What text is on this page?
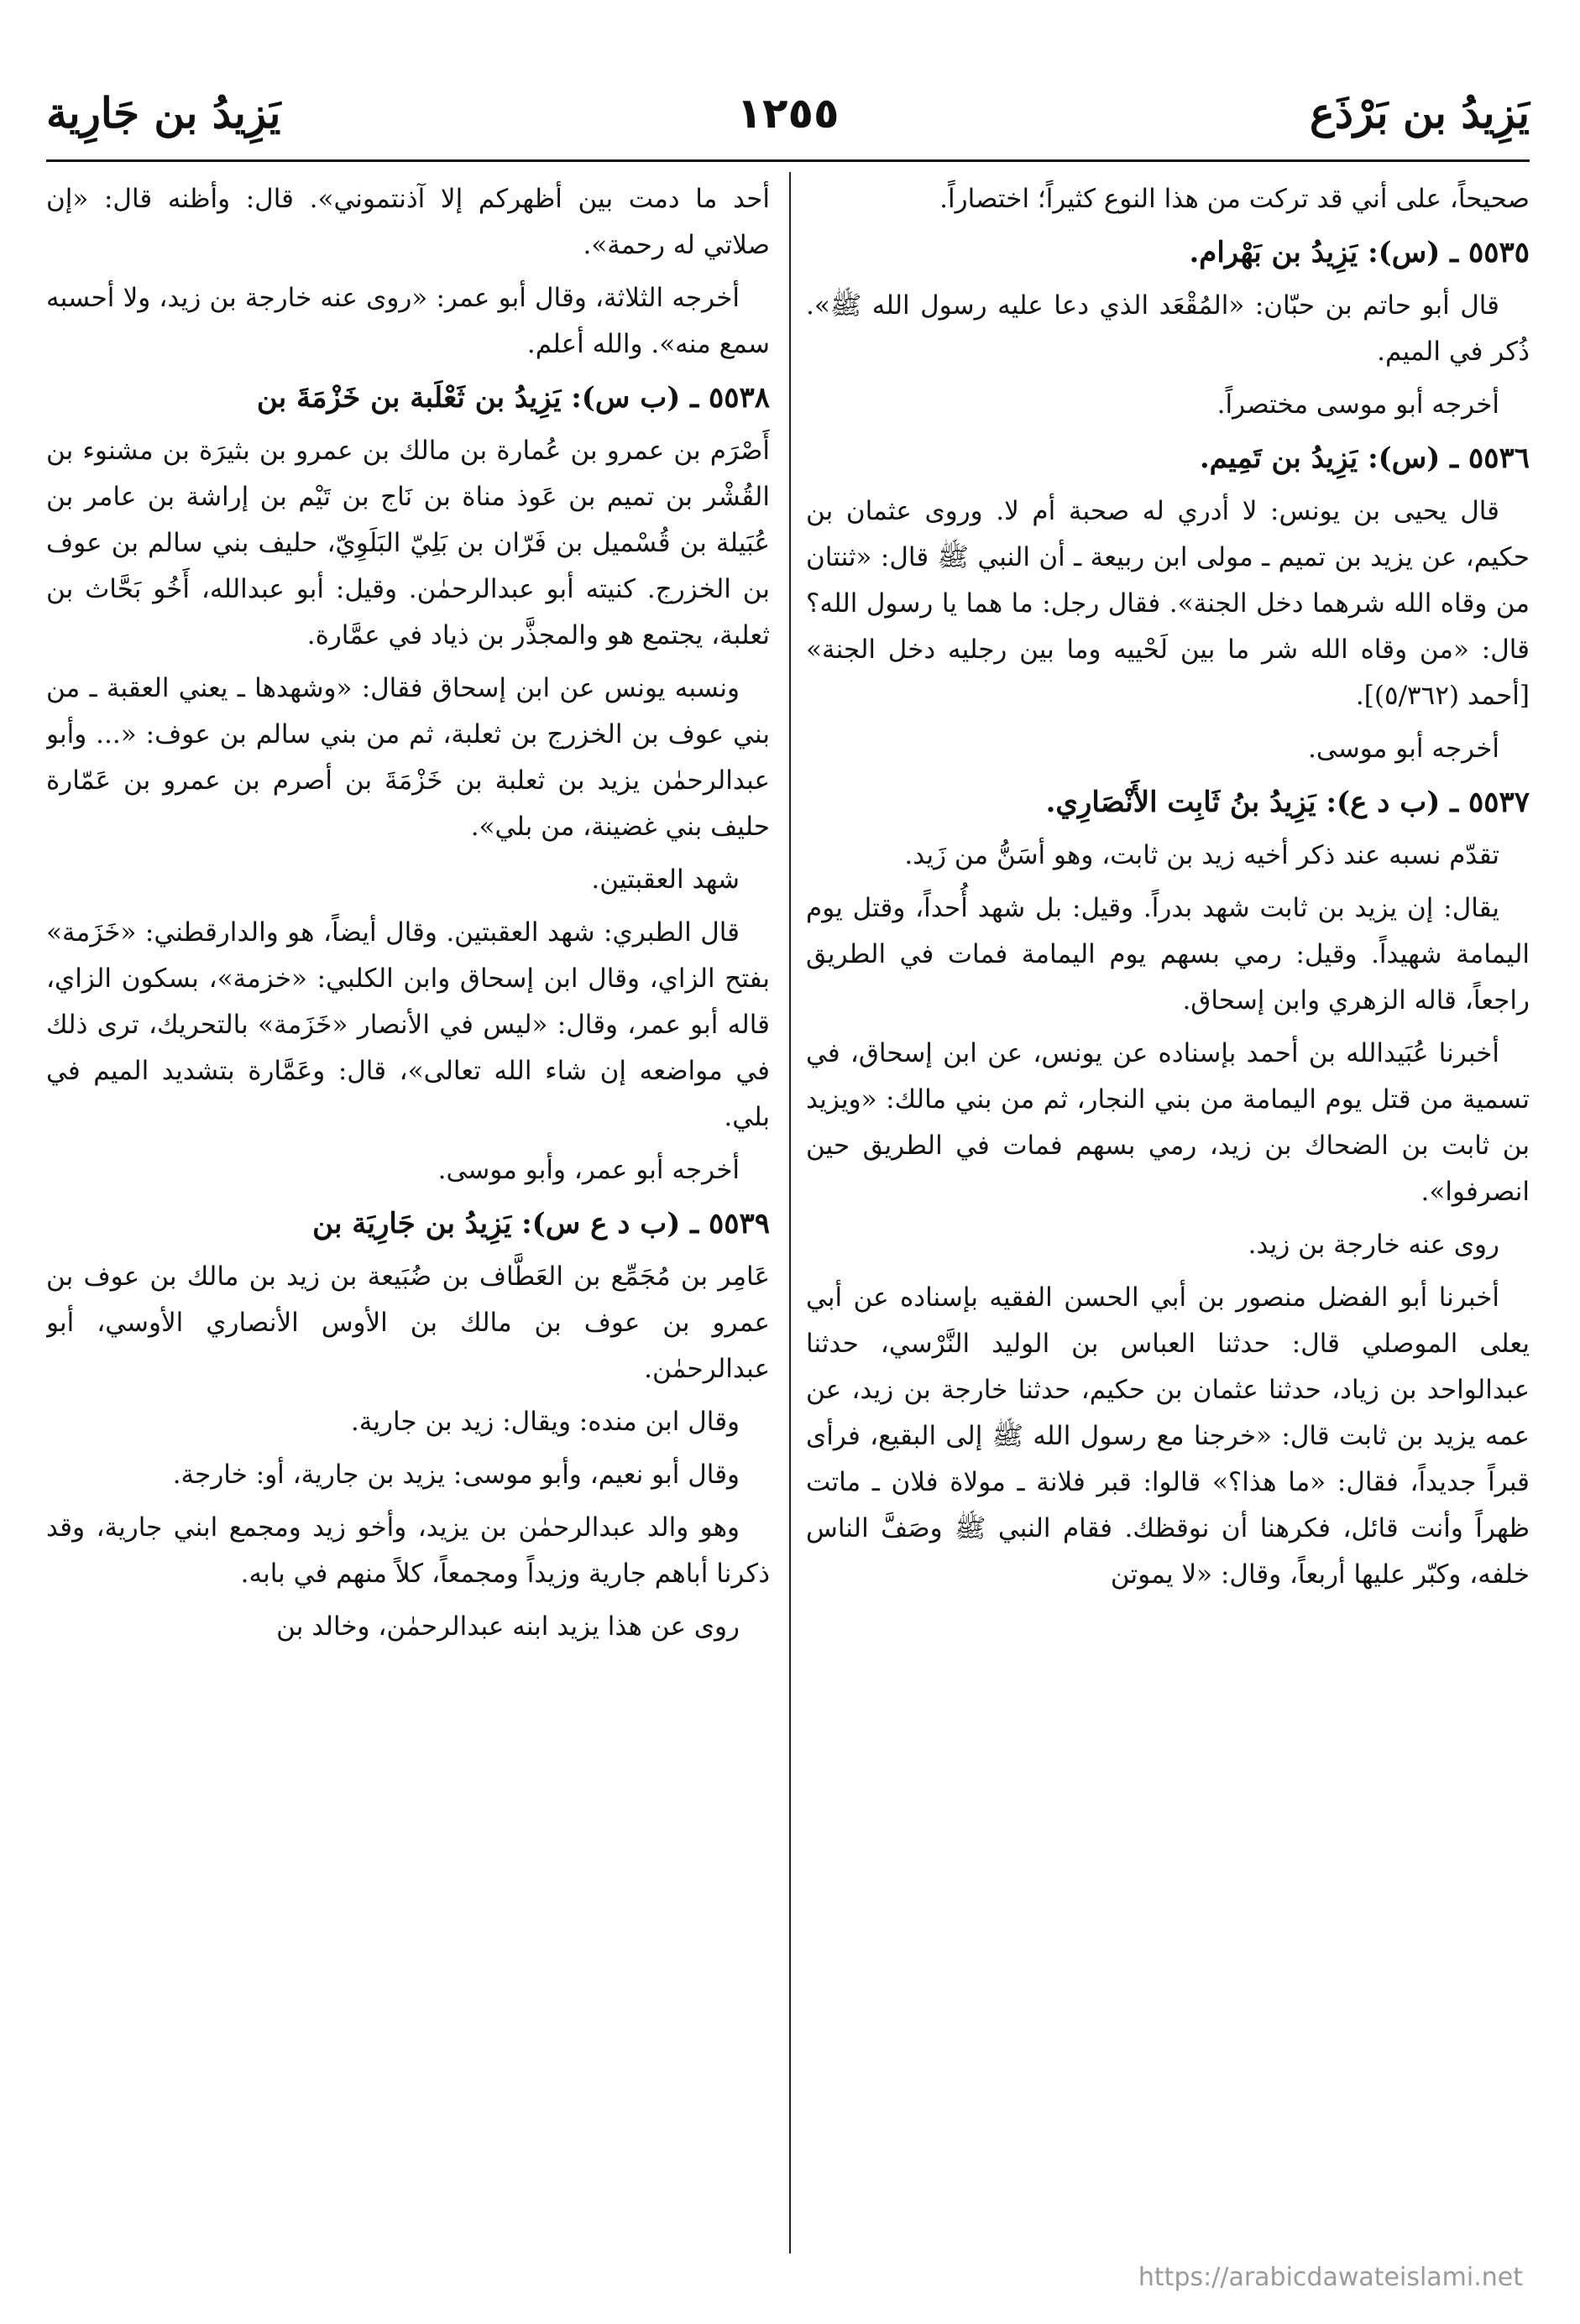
يَزِيدُ بن بَرْذَع
١٢٥٥
يَزِيدُ بن جَارِية

صحيحاً، على أني قد تركت من هذا النوع كثيراً؛ اختصاراً.

٥٥٣٥ ـ (س): يَزِيدُ بن بَهْرام.

قال أبو حاتم بن حبّان: «المُقْعَد الذي دعا عليه رسول الله ﷺ». ذُكر في الميم.

أخرجه أبو موسى مختصراً.

٥٥٣٦ ـ (س): يَزِيدُ بن تَمِيم.

قال يحيى بن يونس: لا أدري له صحبة أم لا. وروى عثمان بن حكيم، عن يزيد بن تميم ـ مولى ابن ربيعة ـ أن النبي ﷺ قال: «ثنتان من وقاه الله شرهما دخل الجنة». فقال رجل: ما هما يا رسول الله؟ قال: «من وقاه الله شر ما بين لَحْييه وما بين رجليه دخل الجنة» [أحمد (٥/٣٦٢)].

أخرجه أبو موسى.

٥٥٣٧ ـ (ب د ع): يَزِيدُ بنُ ثَابِت الأَنْصَارِي.

تقدّم نسبه عند ذكر أخيه زيد بن ثابت، وهو أسَنُّ من زَيد.

يقال: إن يزيد بن ثابت شهد بدراً. وقيل: بل شهد أُحداً، وقتل يوم اليمامة شهيداً. وقيل: رمي بسهم يوم اليمامة فمات في الطريق راجعاً، قاله الزهري وابن إسحاق.

أخبرنا عُبَيدالله بن أحمد بإسناده عن يونس، عن ابن إسحاق، في تسمية من قتل يوم اليمامة من بني النجار، ثم من بني مالك: «ويزيد بن ثابت بن الضحاك بن زيد، رمي بسهم فمات في الطريق حين انصرفوا».

روى عنه خارجة بن زيد.

أخبرنا أبو الفضل منصور بن أبي الحسن الفقيه بإسناده عن أبي يعلى الموصلي قال: حدثنا العباس بن الوليد النَّرْسي، حدثنا عبدالواحد بن زياد، حدثنا عثمان بن حكيم، حدثنا خارجة بن زيد، عن عمه يزيد بن ثابت قال: «خرجنا مع رسول الله ﷺ إلى البقيع، فرأى قبراً جديداً، فقال: «ما هذا؟» قالوا: قبر فلانة ـ مولاة فلان ـ ماتت ظهراً وأنت قائل، فكرهنا أن نوقظك. فقام النبي ﷺ وصَفَّ الناس خلفه، وكبّر عليها أربعاً، وقال: «لا يموتن

أحد ما دمت بين أظهركم إلا آذنتموني». قال: وأظنه قال: «إن صلاتي له رحمة».

أخرجه الثلاثة، وقال أبو عمر: «روى عنه خارجة بن زيد، ولا أحسبه سمع منه». والله أعلم.

٥٥٣٨ ـ (ب س): يَزِيدُ بن ثَعْلَبة بن خَزْمَةَ بن

أَصْرَم بن عمرو بن عُمارة بن مالك بن عمرو بن بثيرَة بن مشنوء بن القُشْر بن تميم بن عَوذ مناة بن نَاج بن تَيْم بن إراشة بن عامر بن عُبَيلة بن قُسْميل بن فَرّان بن بَلِيّ البَلَوِيّ، حليف بني سالم بن عوف بن الخزرج. كنيته أبو عبدالرحمٰن. وقيل: أبو عبدالله، أَخُو بَحَّاث بن ثعلبة، يجتمع هو والمجذَّر بن ذياد في عمَّارة.

ونسبه يونس عن ابن إسحاق فقال: «وشهدها ـ يعني العقبة ـ من بني عوف بن الخزرج بن ثعلبة، ثم من بني سالم بن عوف: «... وأبو عبدالرحمٰن يزيد بن ثعلبة بن خَزْمَةَ بن أصرم بن عمرو بن عَمّارة حليف بني غضينة، من بلي».

شهد العقبتين.

قال الطبري: شهد العقبتين. وقال أيضاً، هو والدارقطني: «خَزَمة» بفتح الزاي، وقال ابن إسحاق وابن الكلبي: «خزمة»، بسكون الزاي، قاله أبو عمر، وقال: «ليس في الأنصار «خَزَمة» بالتحريك، ترى ذلك في مواضعه إن شاء الله تعالى»، قال: وعَمَّارة بتشديد الميم في بلي.

أخرجه أبو عمر، وأبو موسى.

٥٥٣٩ ـ (ب د ع س): يَزِيدُ بن جَارِيَة بن

عَامِر بن مُجَمِّع بن العَطَّاف بن ضُبَيعة بن زيد بن مالك بن عوف بن عمرو بن عوف بن مالك بن الأوس الأنصاري الأوسي، أبو عبدالرحمٰن.

وقال ابن منده: ويقال: زيد بن جارية.

وقال أبو نعيم، وأبو موسى: يزيد بن جارية، أو: خارجة.

وهو والد عبدالرحمٰن بن يزيد، وأخو زيد ومجمع ابني جارية، وقد ذكرنا أباهم جارية وزيداً ومجمعاً، كلاً منهم في بابه.

روى عن هذا يزيد ابنه عبدالرحمٰن، وخالد بن

https://arabicdawateislami.net
